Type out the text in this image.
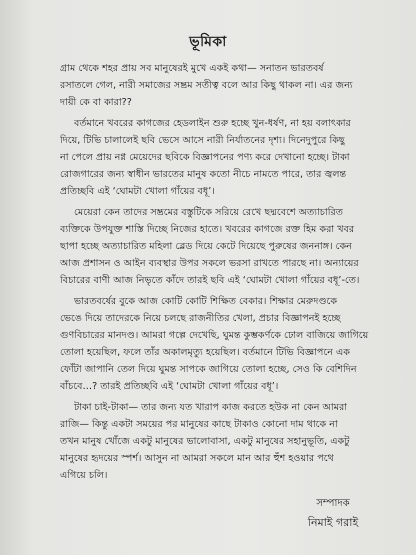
ভূমিকা
গ্রাম থেকে শহর প্রায় সব মানুষেরই মুখে একই কথা— সনাতন ভারতবর্ষ
রসাতলে গেল, নারী সমাজের সম্ভ্রম সতীত্ব বলে আর কিছু থাকল না। এর জন্য
দায়ী কে বা কারা??
বর্তমানে খবরের কাগজের হেডলাইন শুরু হচ্ছে খুন-ধর্ষণ, না হয় বলাৎকার
দিয়ে, টিভি চালালেই ছবি ভেসে আসে নারী নির্যাতনের দৃশ্য। দিনেদুপুরে কিছু
না পেলে প্রায় নগ্ন মেয়েদের ছবিকে বিজ্ঞাপনের পণ্য করে দেখানো হচ্ছে। টাকা
রোজগারের জন্য স্বাধীন ভারতের মানুষ কতো নীচে নামতে পারে, তার জ্বলন্ত
প্রতিচ্ছবি এই ‘ঘোমটা খোলা গাঁয়ের বধূ’।
মেয়েরা কেন তাদের সম্ভ্রমের বস্তুটিকে সরিয়ে রেখে ছদ্মবেশে অত্যাচারিত
ব্যক্তিকে উপযুক্ত শাস্তি দিচ্ছে নিজের হাতে। খবরের কাগজে রক্ত হিম করা খবর
ছাপা হচ্ছে অত্যাচারিত মহিলা ব্লেড দিয়ে কেটে দিয়েছে পুরুষের জননাঙ্গ। কেন
আজ প্রশাসন ও আইন ব্যবস্থার উপর সকলে ভরসা রাখতে পারছে না। অন্যায়ের
বিচারের বাণী আজ নিভৃতে কাঁদে তারই ছবি এই ‘ঘোমটা খোলা গাঁয়ের বধূ’-তে।
ভারতবর্ষের বুকে আজ কোটি কোটি শিক্ষিত বেকার। শিক্ষার মেরুদণ্ডকে
ভেঙে দিয়ে তাদেরকে নিয়ে চলছে রাজনীতির খেলা, প্রচার বিজ্ঞাপনই হচ্ছে
গুণবিচারের মানদণ্ড। আমরা গল্পে দেখেছি, ঘুমন্ত কুম্ভকর্ণকে ঢোল বাজিয়ে জাগিয়ে
তোলা হয়েছিল, ফলে তাঁর অকালমৃত্যু হয়েছিল। বর্তমানে টিভি বিজ্ঞাপনে এক
ফোঁটা জাপানি তেল দিয়ে ঘুমন্ত সাপকে জাগিয়ে তোলা হচ্ছে, সেও কি বেশিদিন
বাঁচবে…? তারই প্রতিচ্ছবি এই ‘ঘোমটা খোলা গাঁয়ের বধূ’।
টাকা চাই-টাকা— তার জন্য যত খারাপ কাজ করতে হউক না কেন আমরা
রাজি— কিন্তু একটা সময়ের পর মানুষের কাছে টাকাও কোনো দাম থাকে না
তখন মানুষ খোঁজে একটু মানুষের ভালোবাসা, একটু মানুষের সহানুভূতি, একটু
মানুষের হৃদয়ের স্পর্শ। আসুন না আমরা সকলে মান আর হুঁশ হওয়ার পথে
এগিয়ে চলি।
সম্পাদক
নিমাই গরাই
